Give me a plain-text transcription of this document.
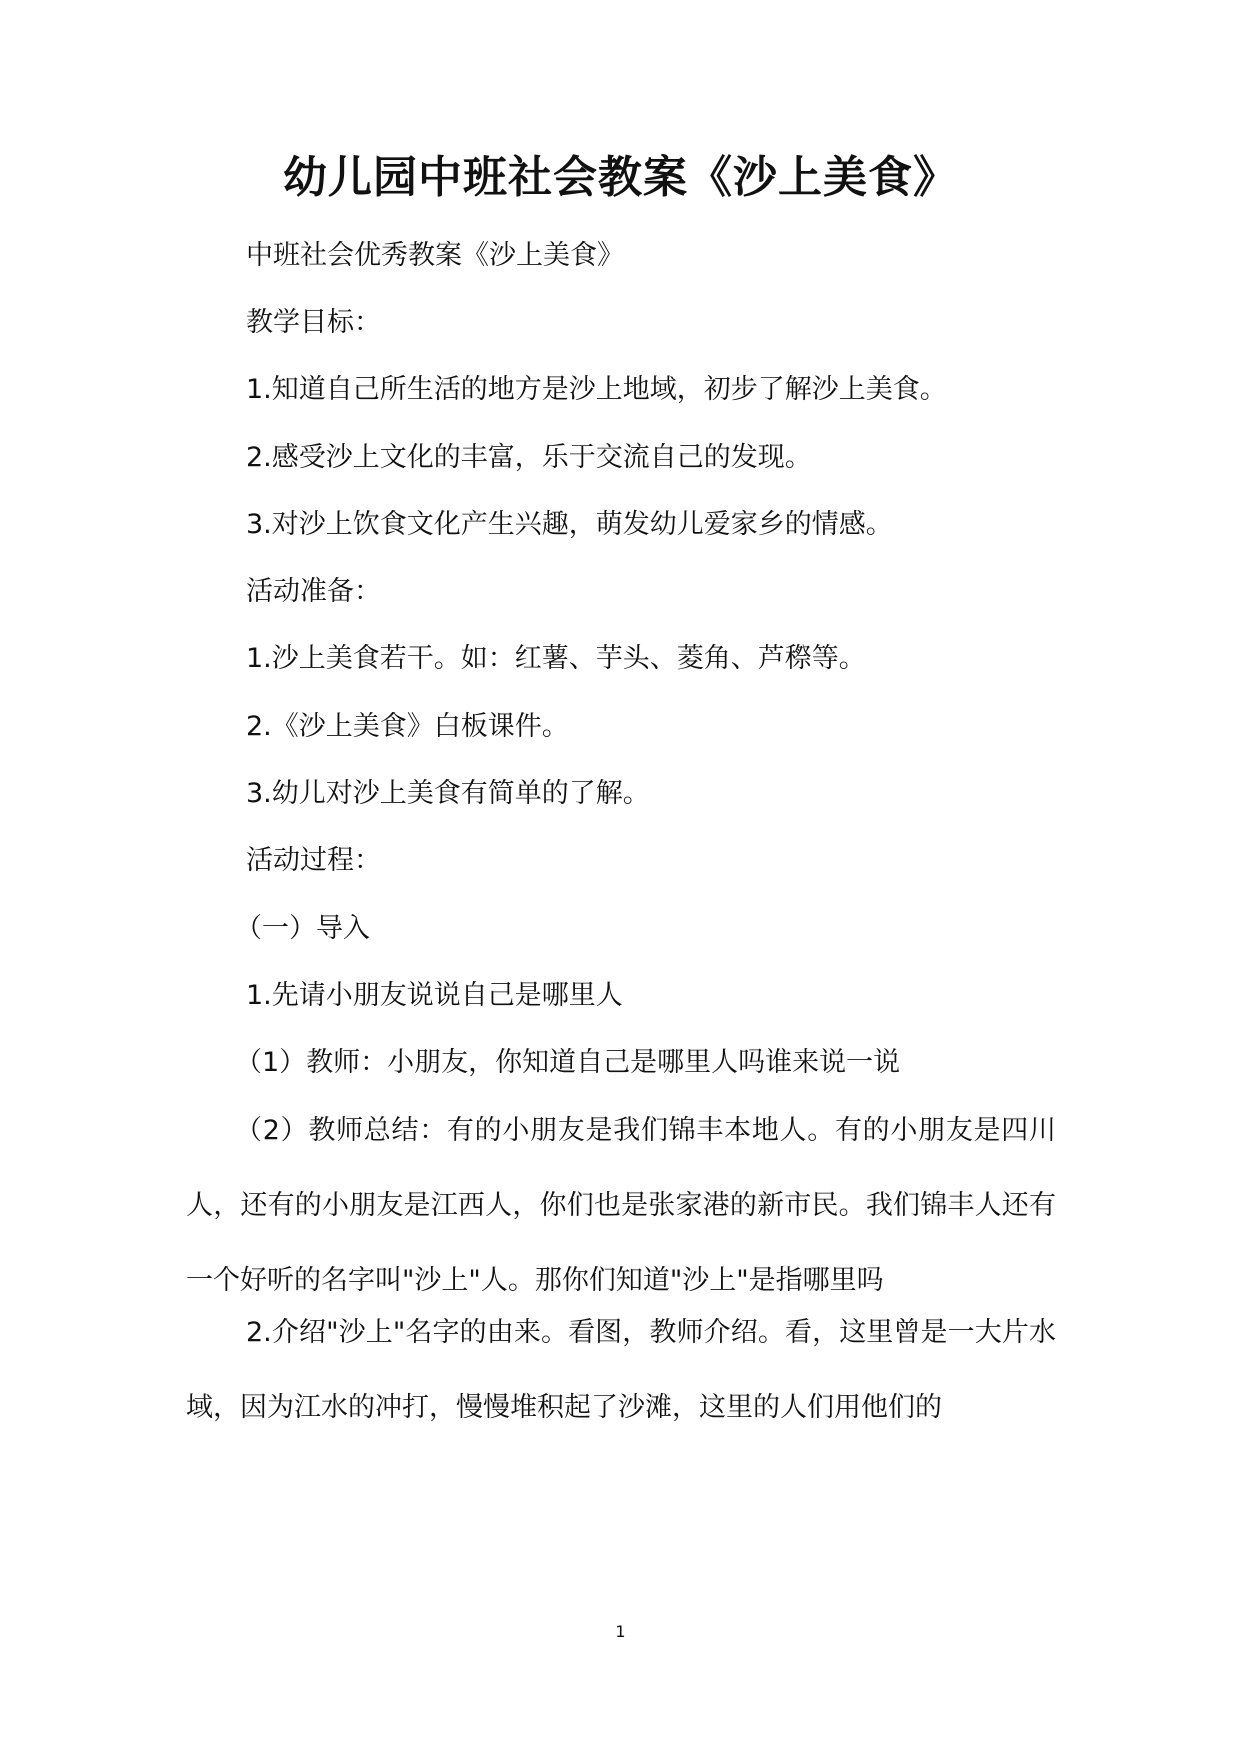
幼儿园中班社会教案《沙上美食》

中班社会优秀教案《沙上美食》

教学目标：

1.知道自己所生活的地方是沙上地域，初步了解沙上美食。

2.感受沙上文化的丰富，乐于交流自己的发现。

3.对沙上饮食文化产生兴趣，萌发幼儿爱家乡的情感。

活动准备：

1.沙上美食若干。如：红薯、芋头、菱角、芦穄等。

2.《沙上美食》白板课件。

3.幼儿对沙上美食有简单的了解。

活动过程：

（一）导入

1.先请小朋友说说自己是哪里人

（1）教师：小朋友，你知道自己是哪里人吗谁来说一说

（2）教师总结：有的小朋友是我们锦丰本地人。有的小朋友是四川人，还有的小朋友是江西人，你们也是张家港的新市民。我们锦丰人还有一个好听的名字叫"沙上"人。那你们知道"沙上"是指哪里吗

2.介绍"沙上"名字的由来。看图，教师介绍。看，这里曾是一大片水域，因为江水的冲打，慢慢堆积起了沙滩，这里的人们用他们的

1
